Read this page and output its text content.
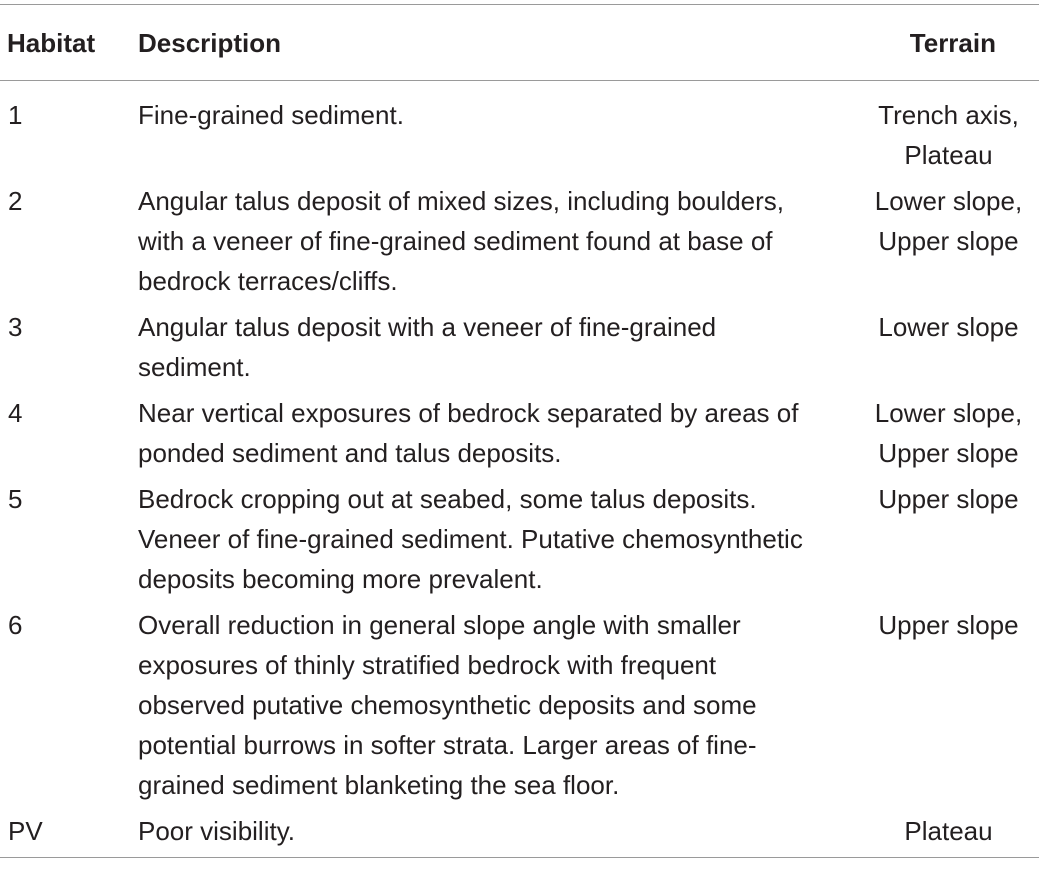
Habitat	Description	Terrain
1	Fine-grained sediment.	Trench axis,
Plateau

2	Angular talus deposit of mixed sizes, including boulders, with a veneer of fine-grained sediment found at base of bedrock terraces/cliffs.	Lower slope,
Upper slope

3	Angular talus deposit with a veneer of fine-grained sediment.	Lower slope

4	Near vertical exposures of bedrock separated by areas of ponded sediment and talus deposits.	Lower slope,
Upper slope

5	Bedrock cropping out at seabed, some talus deposits. Veneer of fine-grained sediment. Putative chemosynthetic deposits becoming more prevalent.	Upper slope

6	Overall reduction in general slope angle with smaller exposures of thinly stratified bedrock with frequent observed putative chemosynthetic deposits and some potential burrows in softer strata. Larger areas of fine-grained sediment blanketing the sea floor.	Upper slope

PV	Poor visibility.	Plateau
